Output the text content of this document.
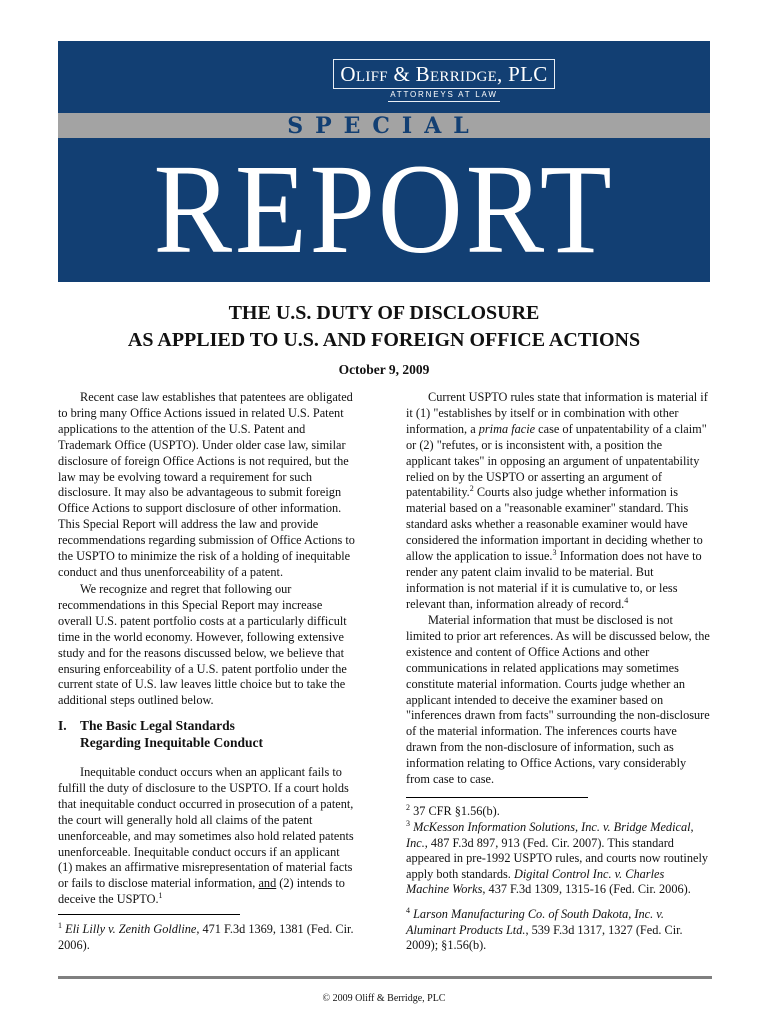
Oliff & Berridge, PLC
ATTORNEYS AT LAW
SPECIAL
REPORT
THE U.S. DUTY OF DISCLOSURE
AS APPLIED TO U.S. AND FOREIGN OFFICE ACTIONS
October 9, 2009

Recent case law establishes that patentees are obligated to bring many Office Actions issued in related U.S. Patent applications to the attention of the U.S. Patent and Trademark Office (USPTO). Under older case law, similar disclosure of foreign Office Actions is not required, but the law may be evolving toward a requirement for such disclosure. It may also be advantageous to submit foreign Office Actions to support disclosure of other information. This Special Report will address the law and provide recommendations regarding submission of Office Actions to the USPTO to minimize the risk of a holding of inequitable conduct and thus unenforceability of a patent.

We recognize and regret that following our recommendations in this Special Report may increase overall U.S. patent portfolio costs at a particularly difficult time in the world economy. However, following extensive study and for the reasons discussed below, we believe that ensuring enforceability of a U.S. patent portfolio under the current state of U.S. law leaves little choice but to take the additional steps outlined below.

I. The Basic Legal Standards
Regarding Inequitable Conduct

Inequitable conduct occurs when an applicant fails to fulfill the duty of disclosure to the USPTO. If a court holds that inequitable conduct occurred in prosecution of a patent, the court will generally hold all claims of the patent unenforceable, and may sometimes also hold related patents unenforceable. Inequitable conduct occurs if an applicant (1) makes an affirmative misrepresentation of material facts or fails to disclose material information, and (2) intends to deceive the USPTO.$^1$

$^1$ Eli Lilly v. Zenith Goldline, 471 F.3d 1369, 1381 (Fed. Cir. 2006).

Current USPTO rules state that information is material if it (1) "establishes by itself or in combination with other information, a prima facie case of unpatentability of a claim" or (2) "refutes, or is inconsistent with, a position the applicant takes" in opposing an argument of unpatentability relied on by the USPTO or asserting an argument of patentability.$^2$ Courts also judge whether information is material based on a "reasonable examiner" standard. This standard asks whether a reasonable examiner would have considered the information important in deciding whether to allow the application to issue.$^3$ Information does not have to render any patent claim invalid to be material. But information is not material if it is cumulative to, or less relevant than, information already of record.$^4$

Material information that must be disclosed is not limited to prior art references. As will be discussed below, the existence and content of Office Actions and other communications in related applications may sometimes constitute material information. Courts judge whether an applicant intended to deceive the examiner based on "inferences drawn from facts" surrounding the non-disclosure of the material information. The inferences courts have drawn from the non-disclosure of information, such as information relating to Office Actions, vary considerably from case to case.

$^2$ 37 CFR §1.56(b).
$^3$ McKesson Information Solutions, Inc. v. Bridge Medical, Inc., 487 F.3d 897, 913 (Fed. Cir. 2007). This standard appeared in pre-1992 USPTO rules, and courts now routinely apply both standards. Digital Control Inc. v. Charles Machine Works, 437 F.3d 1309, 1315-16 (Fed. Cir. 2006).
$^4$ Larson Manufacturing Co. of South Dakota, Inc. v. Aluminart Products Ltd., 539 F.3d 1317, 1327 (Fed. Cir. 2009); §1.56(b).
© 2009 Oliff & Berridge, PLC
